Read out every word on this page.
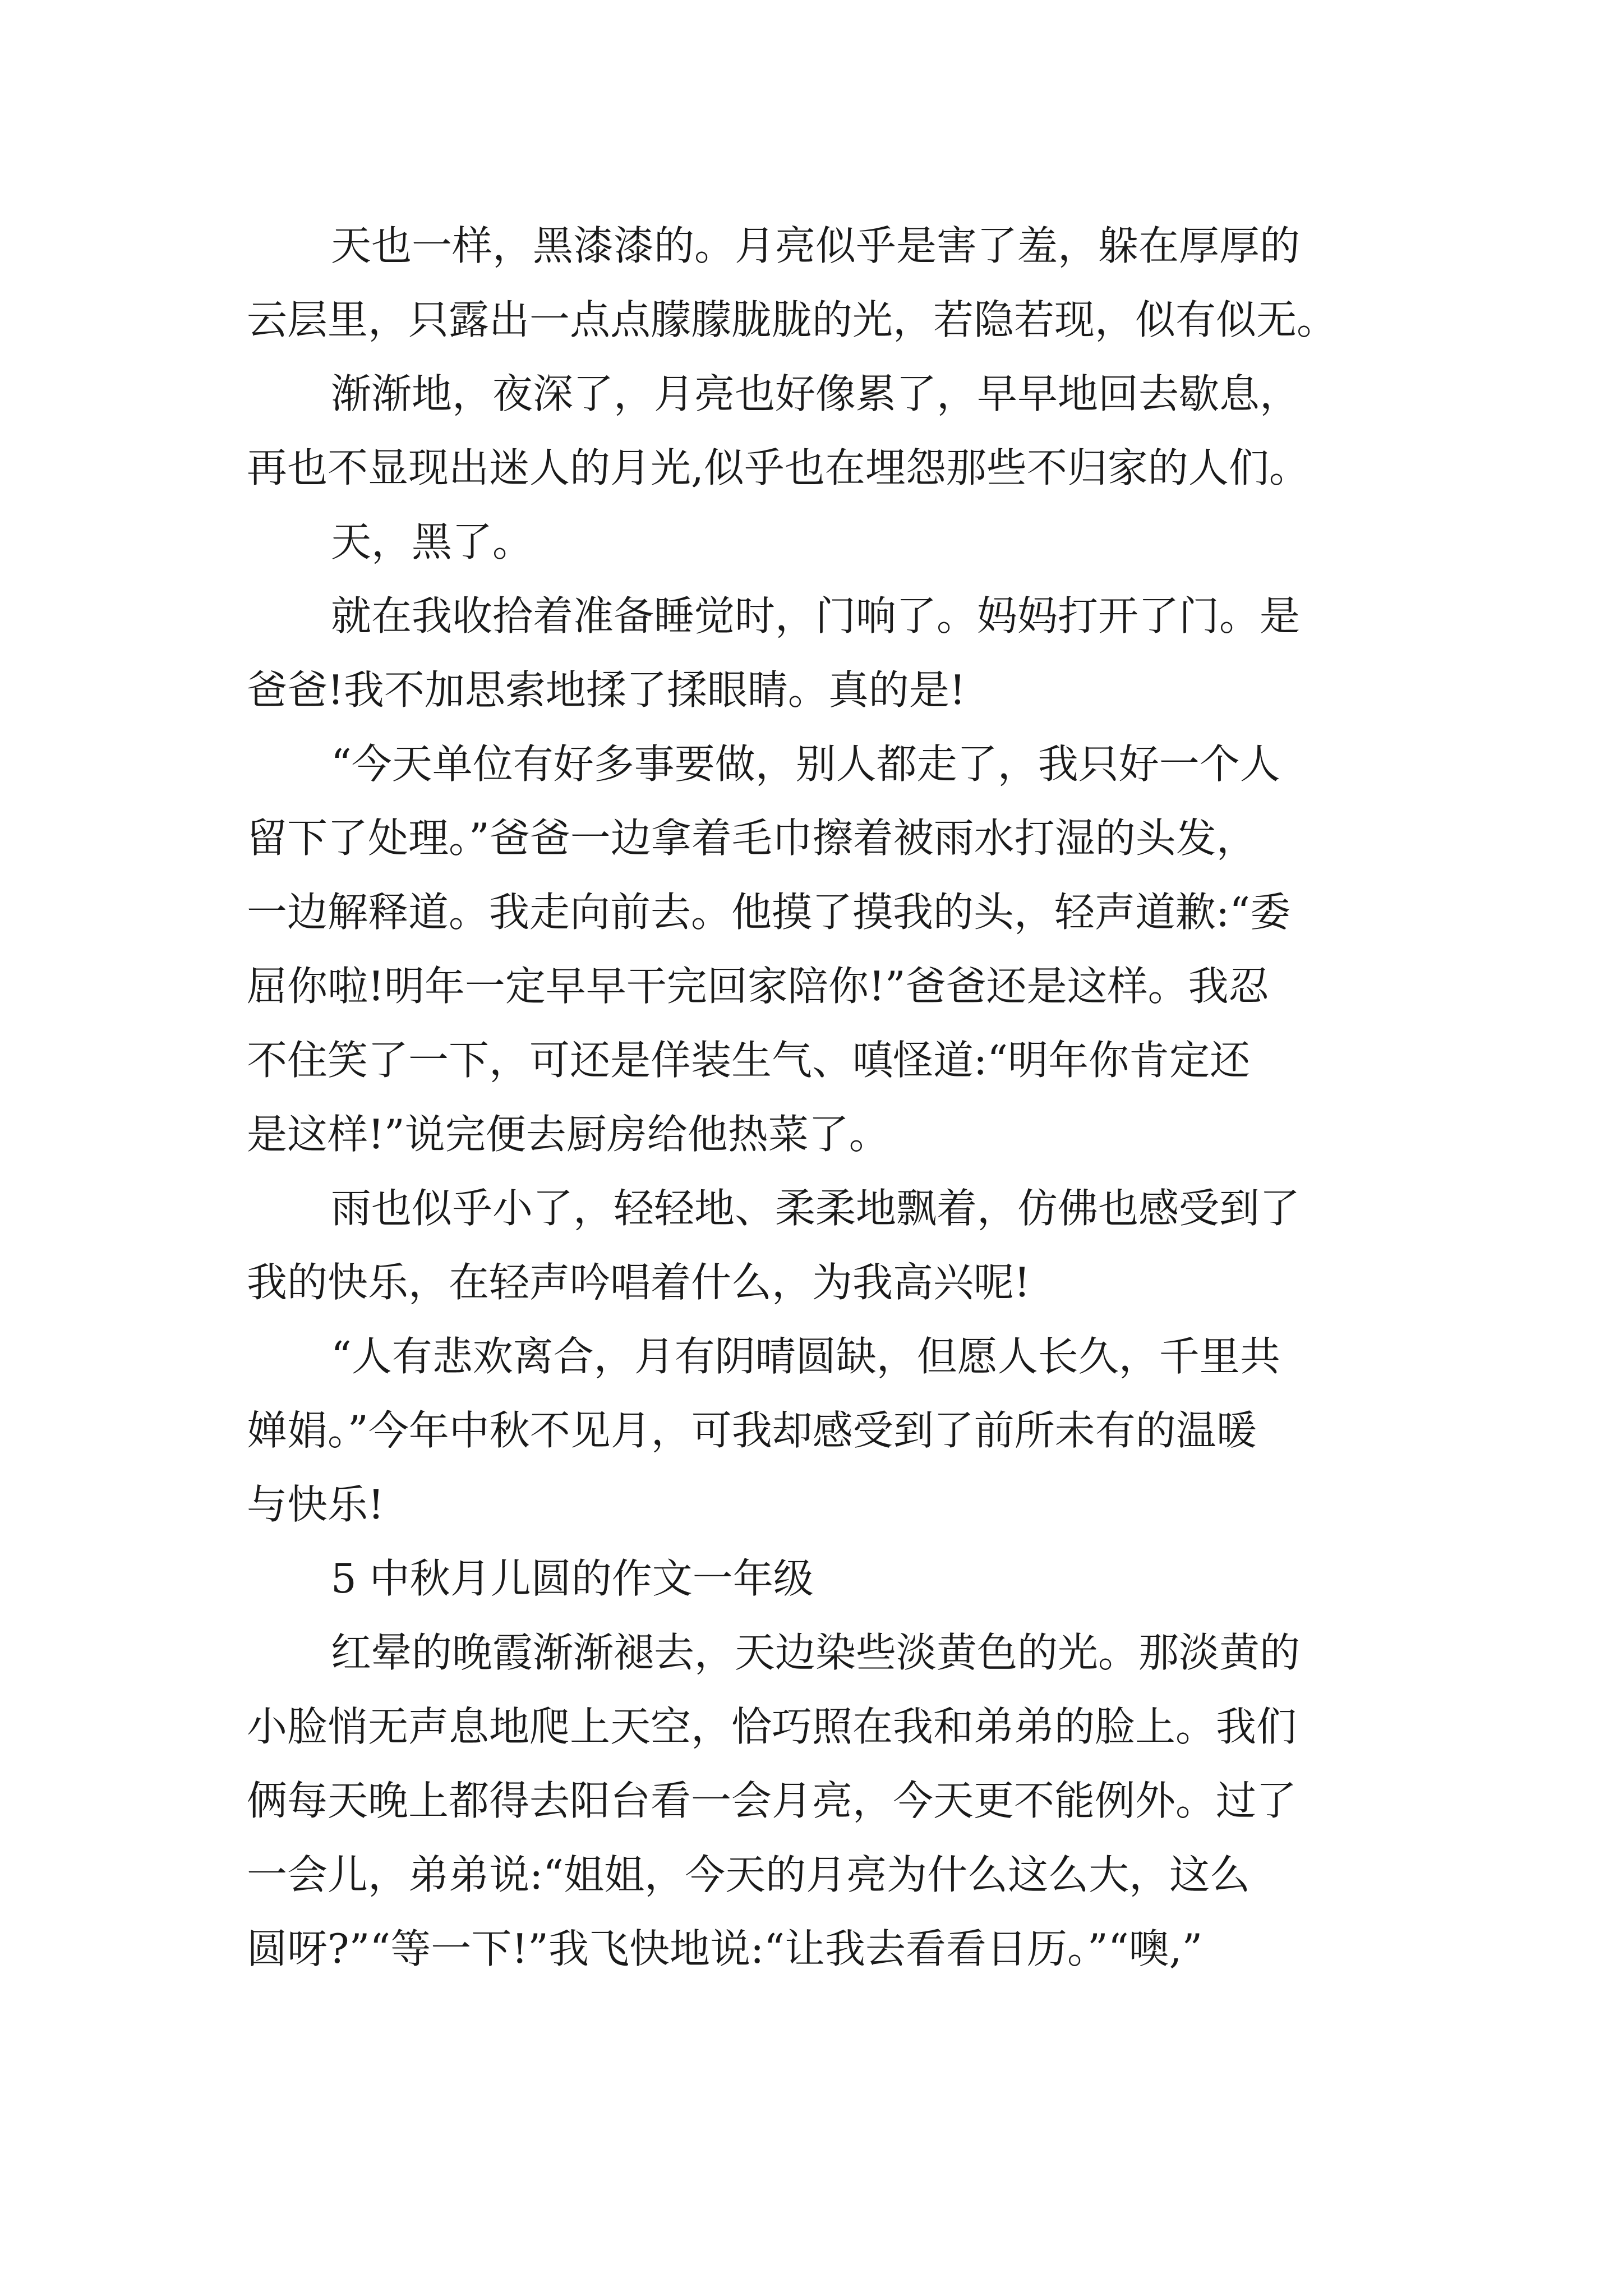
天也一样，黑漆漆的。月亮似乎是害了羞，躲在厚厚的
云层里，只露出一点点朦朦胧胧的光，若隐若现，似有似无。
渐渐地，夜深了，月亮也好像累了，早早地回去歇息，
再也不显现出迷人的月光,似乎也在埋怨那些不归家的人们。
天，黑了。
就在我收拾着准备睡觉时，门响了。妈妈打开了门。是
爸爸!我不加思索地揉了揉眼睛。真的是!
“今天单位有好多事要做，别人都走了，我只好一个人
留下了处理。”爸爸一边拿着毛巾擦着被雨水打湿的头发，
一边解释道。我走向前去。他摸了摸我的头，轻声道歉:“委
屈你啦!明年一定早早干完回家陪你!”爸爸还是这样。我忍
不住笑了一下，可还是佯装生气、嗔怪道:“明年你肯定还
是这样!”说完便去厨房给他热菜了。
雨也似乎小了，轻轻地、柔柔地飘着，仿佛也感受到了
我的快乐，在轻声吟唱着什么，为我高兴呢!
“人有悲欢离合，月有阴晴圆缺，但愿人长久，千里共
婵娟。”今年中秋不见月，可我却感受到了前所未有的温暖
与快乐!
5 中秋月儿圆的作文一年级
红晕的晚霞渐渐褪去，天边染些淡黄色的光。那淡黄的
小脸悄无声息地爬上天空，恰巧照在我和弟弟的脸上。我们
俩每天晚上都得去阳台看一会月亮，今天更不能例外。过了
一会儿，弟弟说:“姐姐，今天的月亮为什么这么大，这么
圆呀?”“等一下!”我飞快地说:“让我去看看日历。”“噢,”
